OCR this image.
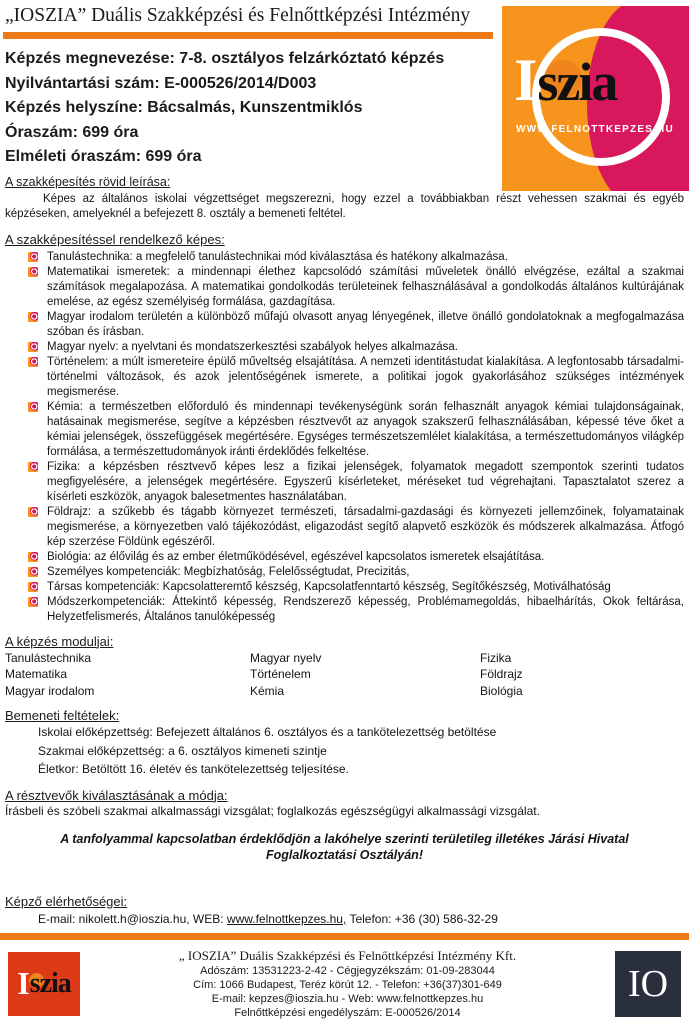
„IOSZIA” Duális Szakképzési és Felnőttképzési Intézmény
Iszia
WWW.FELNOTTKEPZES.HU
Képzés megnevezése: 7-8. osztályos felzárkóztató képzés
Nyilvántartási szám: E-000526/2014/D003
Képzés helyszíne: Bácsalmás, Kunszentmiklós
Óraszám: 699 óra
Elméleti óraszám: 699 óra
A szakképesítés rövid leírása:
Képes az általános iskolai végzettséget megszerezni, hogy ezzel a továbbiakban részt vehessen szakmai és egyéb képzéseken, amelyeknél a befejezett 8. osztály a bemeneti feltétel.
A szakképesítéssel rendelkező képes:
Tanulástechnika: a megfelelő tanulástechnikai mód kiválasztása és hatékony alkalmazása.
Matematikai ismeretek: a mindennapi élethez kapcsolódó számítási műveletek önálló elvégzése, ezáltal a szakmai számítások megalapozása. A matematikai gondolkodás területeinek felhasználásával a gondolkodás általános kultúrájának emelése, az egész személyiség formálása, gazdagítása.
Magyar irodalom területén a különböző műfajú olvasott anyag lényegének, illetve önálló gondolatoknak a megfogalmazása szóban és írásban.
Magyar nyelv: a nyelvtani és mondatszerkesztési szabályok helyes alkalmazása.
Történelem: a múlt ismereteire épülő műveltség elsajátítása. A nemzeti identitástudat kialakítása. A legfontosabb társadalmi-történelmi változások, és azok jelentőségének ismerete, a politikai jogok gyakorlásához szükséges intézmények megismerése.
Kémia: a természetben előforduló és mindennapi tevékenységünk során felhasznált anyagok kémiai tulajdonságainak, hatásainak megismerése, segítve a képzésben résztvevőt az anyagok szakszerű felhasználásában, képessé téve őket a kémiai jelenségek, összefüggések megértésére. Egységes természetszemlélet kialakítása, a természettudományos világkép formálása, a természettudományok iránti érdeklődés felkeltése.
Fizika: a képzésben résztvevő képes lesz a fizikai jelenségek, folyamatok megadott szempontok szerinti tudatos megfigyelésére, a jelenségek megértésére. Egyszerű kísérleteket, méréseket tud végrehajtani. Tapasztalatot szerez a kísérleti eszközök, anyagok balesetmentes használatában.
Földrajz: a szűkebb és tágabb környezet természeti, társadalmi-gazdasági és környezeti jellemzőinek, folyamatainak megismerése, a környezetben való tájékozódást, eligazodást segítő alapvető eszközök és módszerek alkalmazása. Átfogó kép szerzése Földünk egészéről.
Biológia: az élővilág és az ember életműködésével, egészével kapcsolatos ismeretek elsajátítása.
Személyes kompetenciák: Megbízhatóság, Felelősségtudat, Precizitás,
Társas kompetenciák: Kapcsolatteremtő készség, Kapcsolatfenntartó készség, Segítőkészség, Motiválhatóság
Módszerkompetenciák: Áttekintő képesség, Rendszerező képesség, Problémamegoldás, hibaelhárítás, Okok feltárása, Helyzetfelismerés, Általános tanulóképesség
A képzés moduljai:
Tanulástechnika
Matematika
Magyar irodalom
Magyar nyelv
Történelem
Kémia
Fizika
Földrajz
Biológia
Bemeneti feltételek:
Iskolai előképzettség: Befejezett általános 6. osztályos és a tankötelezettség betöltése
Szakmai előképzettség: a 6. osztályos kimeneti szintje
Életkor: Betöltött 16. életév és tankötelezettség teljesítése.
A résztvevők kiválasztásának a módja:
Írásbeli és szóbeli szakmai alkalmassági vizsgálat; foglalkozás egészségügyi alkalmassági vizsgálat.
A tanfolyammal kapcsolatban érdeklődjön a lakóhelye szerinti területileg illetékes Járási Hivatal Foglalkoztatási Osztályán!
Képző elérhetőségei:
E-mail: nikolett.h@ioszia.hu, WEB: www.felnottkepzes.hu, Telefon: +36 (30) 586-32-29
I szia
„ IOSZIA” Duális Szakképzési és Felnőttképzési Intézmény Kft.
Adószám: 13531223-2-42 - Cégjegyzékszám: 01-09-283044
Cím: 1066 Budapest, Teréz körút 12. - Telefon: +36(37)301-649
E-mail: kepzes@ioszia.hu - Web: www.felnottkepzes.hu
Felnőttképzési engedélyszám: E-000526/2014
IO
